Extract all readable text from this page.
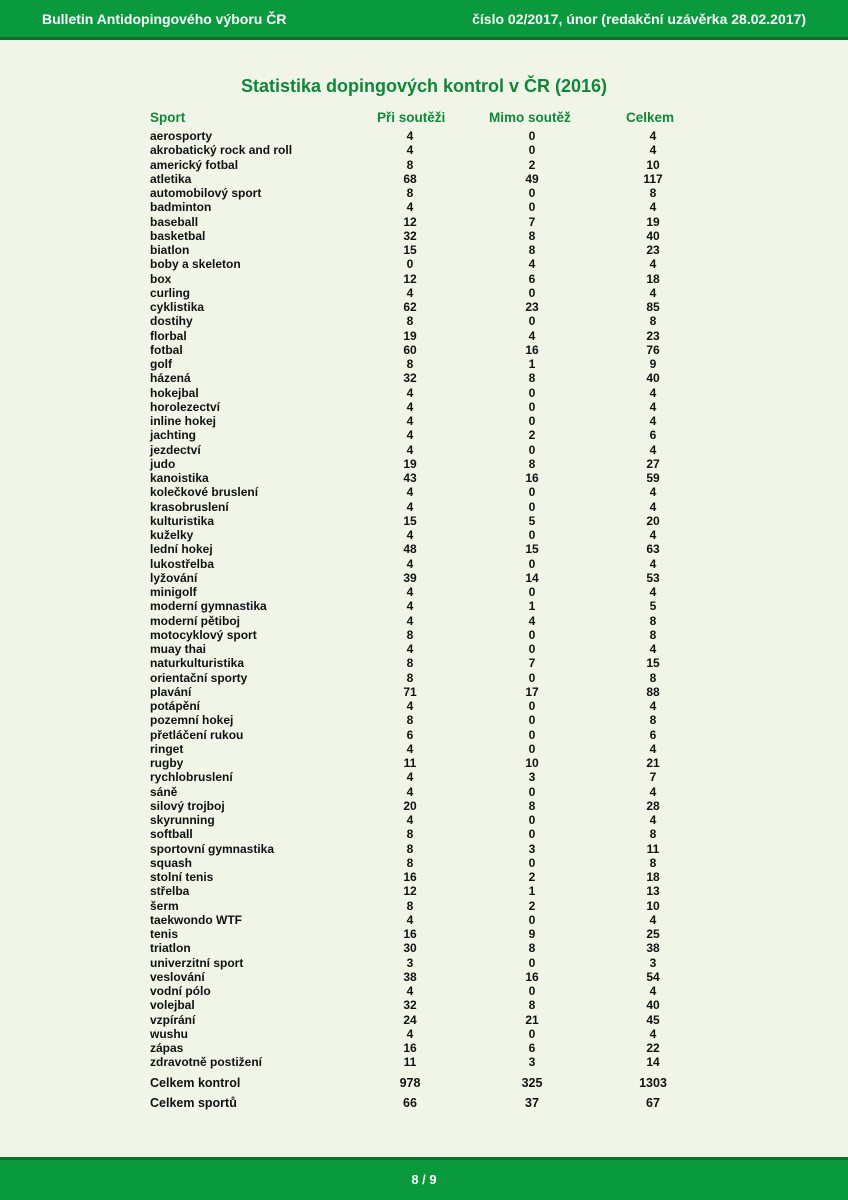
Bulletin Antidopingového výboru ČR	číslo 02/2017, únor (redakční uzávěrka 28.02.2017)
Statistika dopingových kontrol v ČR (2016)
Sport	Při soutěži	Mimo soutěž	Celkem
aerosporty	4	0	4
akrobatický rock and roll	4	0	4
americký fotbal	8	2	10
atletika	68	49	117
automobilový sport	8	0	8
badminton	4	0	4
baseball	12	7	19
basketbal	32	8	40
biatlon	15	8	23
boby a skeleton	0	4	4
box	12	6	18
curling	4	0	4
cyklistika	62	23	85
dostihy	8	0	8
florbal	19	4	23
fotbal	60	16	76
golf	8	1	9
házená	32	8	40
hokejbal	4	0	4
horolezectví	4	0	4
inline hokej	4	0	4
jachting	4	2	6
jezdectví	4	0	4
judo	19	8	27
kanoistika	43	16	59
kolečkové bruslení	4	0	4
krasobruslení	4	0	4
kulturistika	15	5	20
kuželky	4	0	4
lední hokej	48	15	63
lukostřelba	4	0	4
lyžování	39	14	53
minigolf	4	0	4
moderní gymnastika	4	1	5
moderní pětiboj	4	4	8
motocyklový sport	8	0	8
muay thai	4	0	4
naturkulturistika	8	7	15
orientační sporty	8	0	8
plavání	71	17	88
potápění	4	0	4
pozemní hokej	8	0	8
přetláčení rukou	6	0	6
ringet	4	0	4
rugby	11	10	21
rychlobruslení	4	3	7
sáně	4	0	4
silový trojboj	20	8	28
skyrunning	4	0	4
softball	8	0	8
sportovní gymnastika	8	3	11
squash	8	0	8
stolní tenis	16	2	18
střelba	12	1	13
šerm	8	2	10
taekwondo WTF	4	0	4
tenis	16	9	25
triatlon	30	8	38
univerzitní sport	3	0	3
veslování	38	16	54
vodní pólo	4	0	4
volejbal	32	8	40
vzpírání	24	21	45
wushu	4	0	4
zápas	16	6	22
zdravotně postižení	11	3	14
Celkem kontrol	978	325	1303
Celkem sportů	66	37	67
8 / 9
